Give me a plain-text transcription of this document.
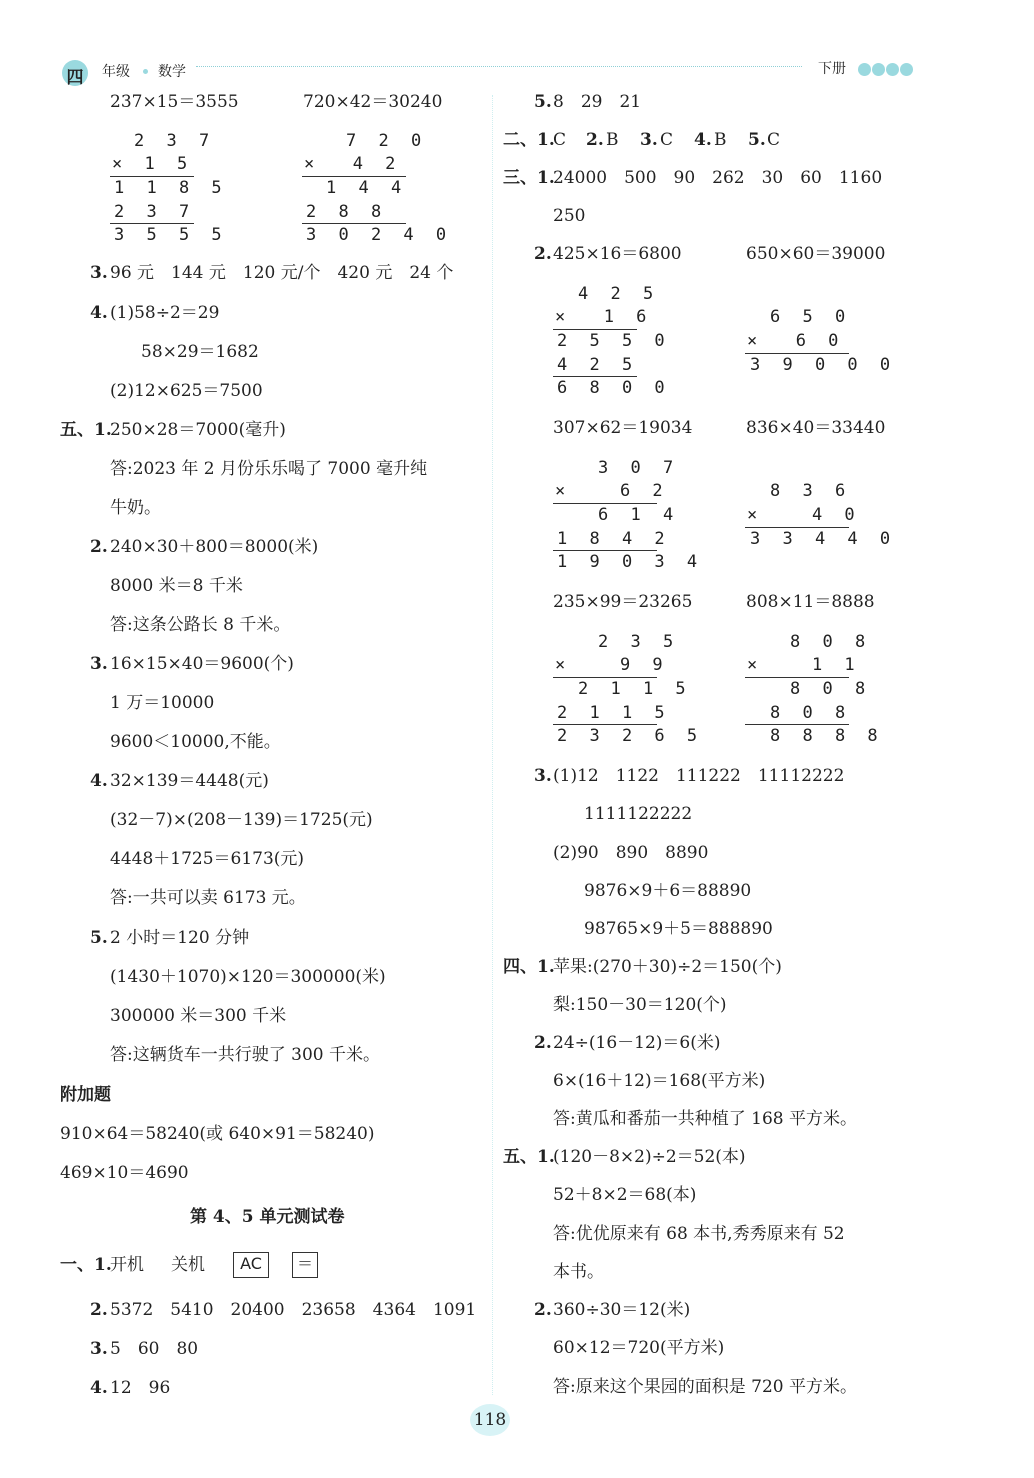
四	年级 数学	下册
237×15＝3555	720×42＝30240
2 3 7
× 1 5
1 1 8 5
2 3 7
3 5 5 5
7 2 0
×  4 2
1 4 4
2 8 8
3 0 2 4 0
3. 96 元　144 元　120 元/个　420 元　24 个
4. (1)58÷2＝29
58×29＝1682
(2)12×625＝7500
五、1.
250×28＝7000(毫升)
答:2023 年 2 月份乐乐喝了 7000 毫升纯
牛奶。
2. 240×30＋800＝8000(米)
8000 米＝8 千米
答:这条公路长 8 千米。
3. 16×15×40＝9600(个)
1 万＝10000
9600＜10000,不能。
4. 32×139＝4448(元)
(32－7)×(208－139)＝1725(元)
4448＋1725＝6173(元)
答:一共可以卖 6173 元。
5. 2 小时＝120 分钟
(1430＋1070)×120＝300000(米)
300000 米＝300 千米
答:这辆货车一共行驶了 300 千米。
附加题
910×64＝58240(或 640×91＝58240)
469×10＝4690
第 4、5 单元测试卷
一、1.
开机 关机	AC	＝
2. 5372　5410　20400　23658　4364　1091
3. 5　60　80
4. 12　96
5. 8　29　21
二、1.
C 2. B 3. C 4. B 5. C
三、1.
24000　500　90　262　30　60　1160
250
2. 425×16＝6800	650×60＝39000
4 2 5
×  1 6
2 5 5 0
4 2 5
6 8 0 0
6 5 0
×  6 0
3 9 0 0 0
307×62＝19034	836×40＝33440
3 0 7
×   6 2
6 1 4
1 8 4 2
1 9 0 3 4
8 3 6
×   4 0
3 3 4 4 0
235×99＝23265	808×11＝8888
2 3 5
×   9 9
2 1 1 5
2 1 1 5
2 3 2 6 5
8 0 8
×   1 1
8 0 8
8 0 8
8 8 8 8
3. (1)12　1122　111222　11112222
1111122222
(2)90　890　8890
9876×9＋6＝88890
98765×9＋5＝888890
四、1.
苹果:(270＋30)÷2＝150(个)
梨:150－30＝120(个)
2. 24÷(16－12)＝6(米)
6×(16＋12)＝168(平方米)
答:黄瓜和番茄一共种植了 168 平方米。
五、1.
(120－8×2)÷2＝52(本)
52＋8×2＝68(本)
答:优优原来有 68 本书,秀秀原来有 52
本书。
2. 360÷30＝12(米)
60×12＝720(平方米)
答:原来这个果园的面积是 720 平方米。
118
